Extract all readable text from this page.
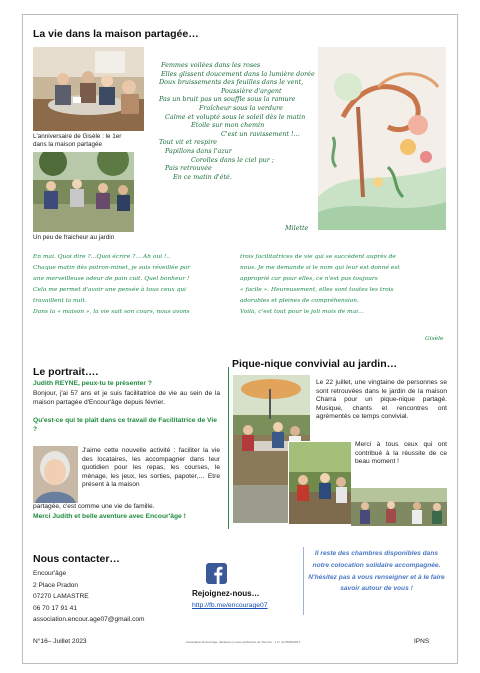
La vie dans la maison partagée…
L'anniversaire de Gisèle : le 1er
dans la maison partagée
Un peu de fraicheur au jardin
Femmes voilées dans les roses
Elles glissent doucement dans la lumière dorée
Doux bruissements des feuilles dans le vent,
Poussière d'argent
Pas un bruit pas un souffle sous la ramure
Fraîcheur sous la verdure
Calme et volupté sous le soleil dès le matin
Étoile sur mon chemin
C'est un ravissement !…
Tout vit et respire
Papillons dans l'azur
Corolles dans le ciel pur ;
Pais retrouvée
En ce matin d'été.
Milette
En mai. Quoi dire ?…Quoi écrire ?… Ah oui !..
Chaque matin dès potron-minet, je suis réveillée par
une merveilleuse odeur de pain cuit. Quel bonheur !
Cela me permet d'avoir une pensée à tous ceux qui
travaillent la nuit.
Dans la « maison », la vie suit son cours, nous avons
trois facilitatrices de vie qui se succèdent auprès de
nous. Je me demande si le nom qui leur est donné est
approprié car pour elles, ce n'est pas toujours
« facile ». Heureusement, elles sont toutes les trois
adorables et pleines de compréhension.
Voilà, c'est tout pour le joli mois de mai…
Gisèle
Le portrait….
Judith REYNE, peux-tu te présenter ?
Bonjour, j'ai 57 ans et je suis facilitatrice de vie au sein de la maison partagée d'Encour'âge depuis février.
Qu'est-ce qui te plaît dans ce travail de Facilitatrice de Vie ?
J'aime cette nouvelle activité : faciliter la vie des locataires, les accompagner dans leur quotidien pour les repas, les courses, le ménage, les jeux, les sorties, papoter,… Etre présent à la maison
partagée, c'est comme une vie de famille.
Merci Judith et belle aventure avec Encour'âge !
Pique-nique convivial au jardin…
Le 22 juillet, une vingtaine de personnes se sont retrouvées dans le jardin de la maison Charra pour un pique-nique partagé. Musique, chants et rencontres ont agrémentés ce temps convivial.
Merci à tous ceux qui ont contribué à la réussite de ce beau moment !
Nous contacter…
Encour'âge
2 Place Pradon
07270 LAMASTRE
06 70 17 91 41
association.encour.age07@gmail.com
Rejoignez-nous…
http://fb.me/encourage07
Il reste des chambres disponibles dans notre colocation solidaire accompagnée. N'hésitez pas à vous renseigner et à le faire savoir autour de vous !
N°16– Juillet 2023	Association Encour'âge, déclarée en sous-préfecture de Tournon - J.O. du 05/08/2017	IPNS
